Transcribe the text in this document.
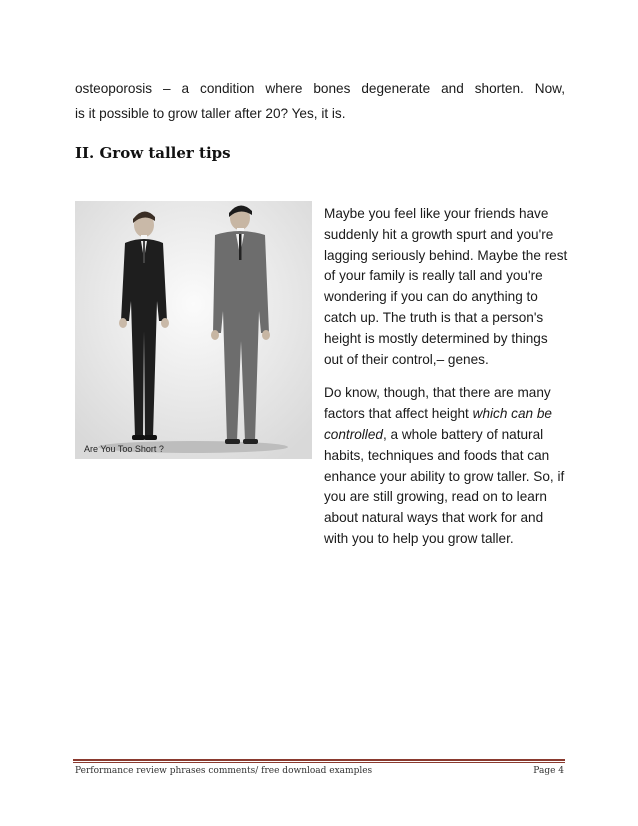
osteoporosis – a condition where bones degenerate and shorten. Now,
is it possible to grow taller after 20? Yes, it is.

II. Grow taller tips
Are You Too Short ?

Maybe you feel like your friends have suddenly hit a growth spurt and you're lagging seriously behind. Maybe the rest of your family is really tall and you're wondering if you can do anything to catch up. The truth is that a person's height is mostly determined by things out of their control,– genes.

Do know, though, that there are many factors that affect height which can be controlled, a whole battery of natural habits, techniques and foods that can enhance your ability to grow taller. So, if you are still growing, read on to learn about natural ways that work for and with you to help you grow taller.

Performance review phrases comments/ free download examples	Page 4
